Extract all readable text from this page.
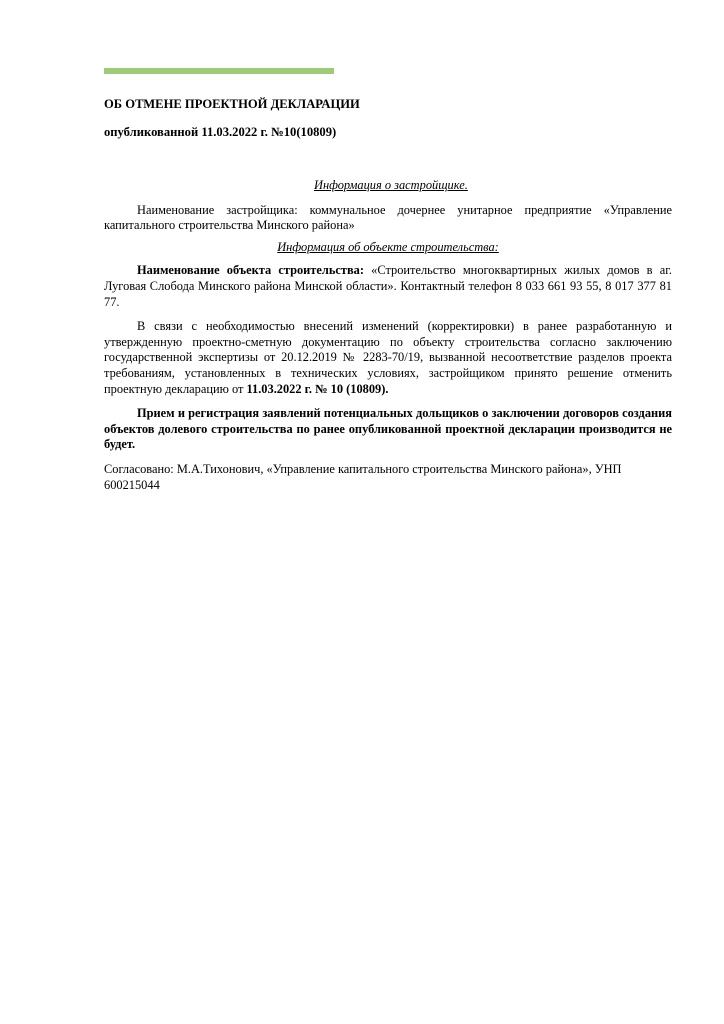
ОБ ОТМЕНЕ ПРОЕКТНОЙ ДЕКЛАРАЦИИ
опубликованной 11.03.2022 г. №10(10809)

Информация о застройщике.

Наименование застройщика: коммунальное дочернее унитарное предприятие «Управление капитального строительства Минского района»

Информация об объекте строительства:

Наименование объекта строительства: «Строительство многоквартирных жилых домов в аг. Луговая Слобода Минского района Минской области». Контактный телефон 8 033 661 93 55, 8 017 377 81 77.

В связи с необходимостью внесений изменений (корректировки) в ранее разработанную и утвержденную проектно-сметную документацию по объекту строительства согласно заключению государственной экспертизы от 20.12.2019 № 2283-70/19, вызванной несоответствие разделов проекта требованиям, установленных в технических условиях, застройщиком принято решение отменить проектную декларацию от 11.03.2022 г. № 10 (10809).

Прием и регистрация заявлений потенциальных дольщиков о заключении договоров создания объектов долевого строительства по ранее опубликованной проектной декларации производится не будет.

Согласовано: М.А.Тихонович, «Управление капитального строительства Минского района», УНП 600215044
